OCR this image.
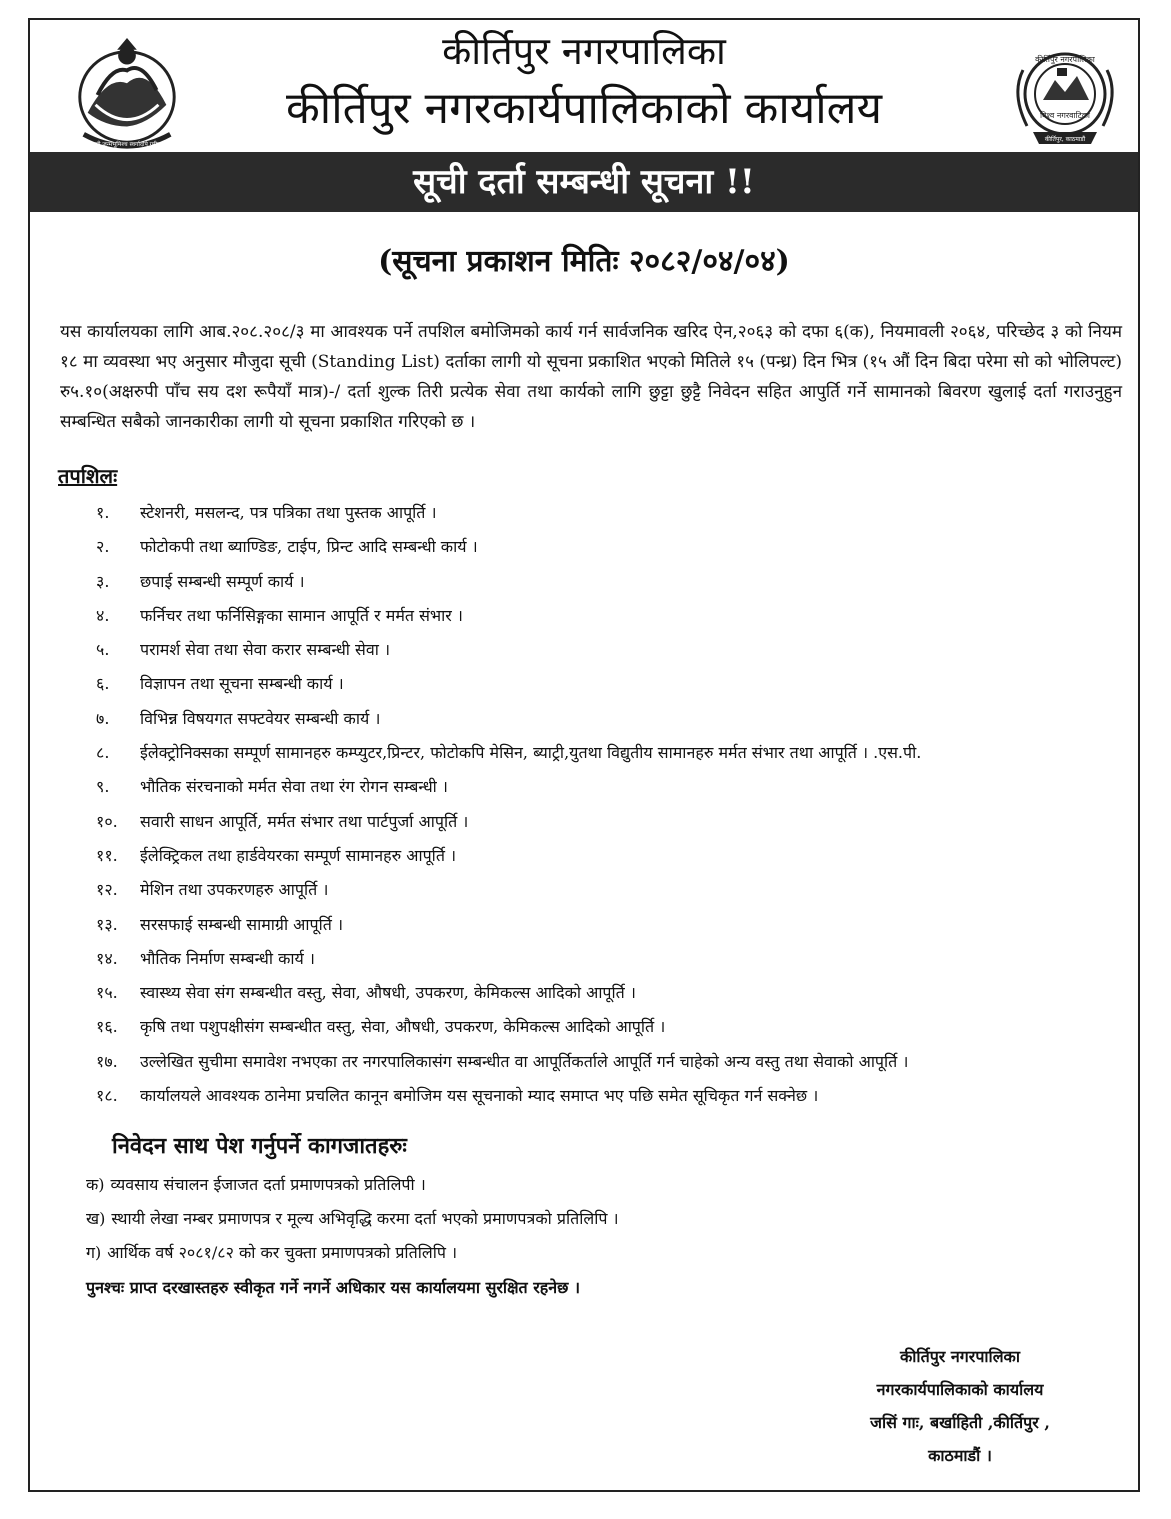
जननी जन्मभूमिश्च स्वर्गादपि गरीयसी
कीर्तिपुर नगरपालिका
कीर्तिपुर नगरकार्यपालिकाको कार्यालय
कीर्तिपुर नगरपालिका
विश्व नगरवाटिका
कीर्तिपुर, काठमाडौं
सूची दर्ता सम्बन्धी सूचना !!
(सूचना प्रकाशन मितिः २०८२/०४/०४)
यस कार्यालयका लागि आब.२०८.२०८/३ मा आवश्यक पर्ने तपशिल बमोजिमको कार्य गर्न सार्वजनिक खरिद ऐन,२०६३ को दफा ६(क), नियमावली २०६४, परिच्छेद ३ को नियम १८ मा व्यवस्था भए अनुसार मौजुदा सूची (Standing List) दर्ताका लागी यो सूचना प्रकाशित भएको मितिले १५ (पन्ध्र) दिन भित्र (१५ औं दिन बिदा परेमा सो को भोलिपल्ट) रु५.१०(अक्षरुपी पाँच सय दश रूपैयाँ मात्र)-/ दर्ता शुल्क तिरी प्रत्येक सेवा तथा कार्यको लागि छुट्टा छुट्टै निवेदन सहित आपुर्ति गर्ने सामानको बिवरण खुलाई दर्ता गराउनुहुन सम्बन्धित सबैको जानकारीका लागी यो सूचना प्रकाशित गरिएको छ ।
तपशिलः
१. स्टेशनरी, मसलन्द, पत्र पत्रिका तथा पुस्तक आपूर्ति ।
२. फोटोकपी तथा ब्याण्डिङ, टाईप, प्रिन्ट आदि सम्बन्धी कार्य ।
३. छपाई सम्बन्धी सम्पूर्ण कार्य ।
४. फर्निचर तथा फर्निसिङ्गका सामान आपूर्ति र मर्मत संभार ।
५. परामर्श सेवा तथा सेवा करार सम्बन्धी सेवा ।
६. विज्ञापन तथा सूचना सम्बन्धी कार्य ।
७. विभिन्न विषयगत सफ्टवेयर सम्बन्धी कार्य ।
८. ईलेक्ट्रोनिक्सका सम्पूर्ण सामानहरु कम्प्युटर,प्रिन्टर, फोटोकपि मेसिन, ब्याट्री,युतथा विद्युतीय सामानहरु मर्मत संभार तथा आपूर्ति । .एस.पी.
९. भौतिक संरचनाको मर्मत सेवा तथा रंग रोगन सम्बन्धी ।
१०. सवारी साधन आपूर्ति, मर्मत संभार तथा पार्टपुर्जा आपूर्ति ।
११. ईलेक्ट्रिकल तथा हार्डवेयरका सम्पूर्ण सामानहरु आपूर्ति ।
१२. मेशिन तथा उपकरणहरु आपूर्ति ।
१३. सरसफाई सम्बन्धी सामाग्री आपूर्ति ।
१४. भौतिक निर्माण सम्बन्धी कार्य ।
१५. स्वास्थ्य सेवा संग सम्बन्धीत वस्तु, सेवा, औषधी, उपकरण, केमिकल्स आदिको आपूर्ति ।
१६. कृषि तथा पशुपक्षीसंग सम्बन्धीत वस्तु, सेवा, औषधी, उपकरण, केमिकल्स आदिको आपूर्ति ।
१७. उल्लेखित सुचीमा समावेश नभएका तर नगरपालिकासंग सम्बन्धीत वा आपूर्तिकर्ताले आपूर्ति गर्न चाहेको अन्य वस्तु तथा सेवाको आपूर्ति ।
१८. कार्यालयले आवश्यक ठानेमा प्रचलित कानून बमोजिम यस सूचनाको म्याद समाप्त भए पछि समेत सूचिकृत गर्न सक्नेछ ।
निवेदन साथ पेश गर्नुपर्ने कागजातहरुः
क) व्यवसाय संचालन ईजाजत दर्ता प्रमाणपत्रको प्रतिलिपी ।
ख) स्थायी लेखा नम्बर प्रमाणपत्र र मूल्य अभिवृद्धि करमा दर्ता भएको प्रमाणपत्रको प्रतिलिपि ।
ग) आर्थिक वर्ष २०८१/८२ को कर चुक्ता प्रमाणपत्रको प्रतिलिपि ।
पुनश्चः प्राप्त दरखास्तहरु स्वीकृत गर्ने नगर्ने अधिकार यस कार्यालयमा सुरक्षित रहनेछ ।
कीर्तिपुर नगरपालिका
नगरकार्यपालिकाको कार्यालय
जसिं गाः, बर्खाहिती ,कीर्तिपुर ,
काठमाडौं ।
